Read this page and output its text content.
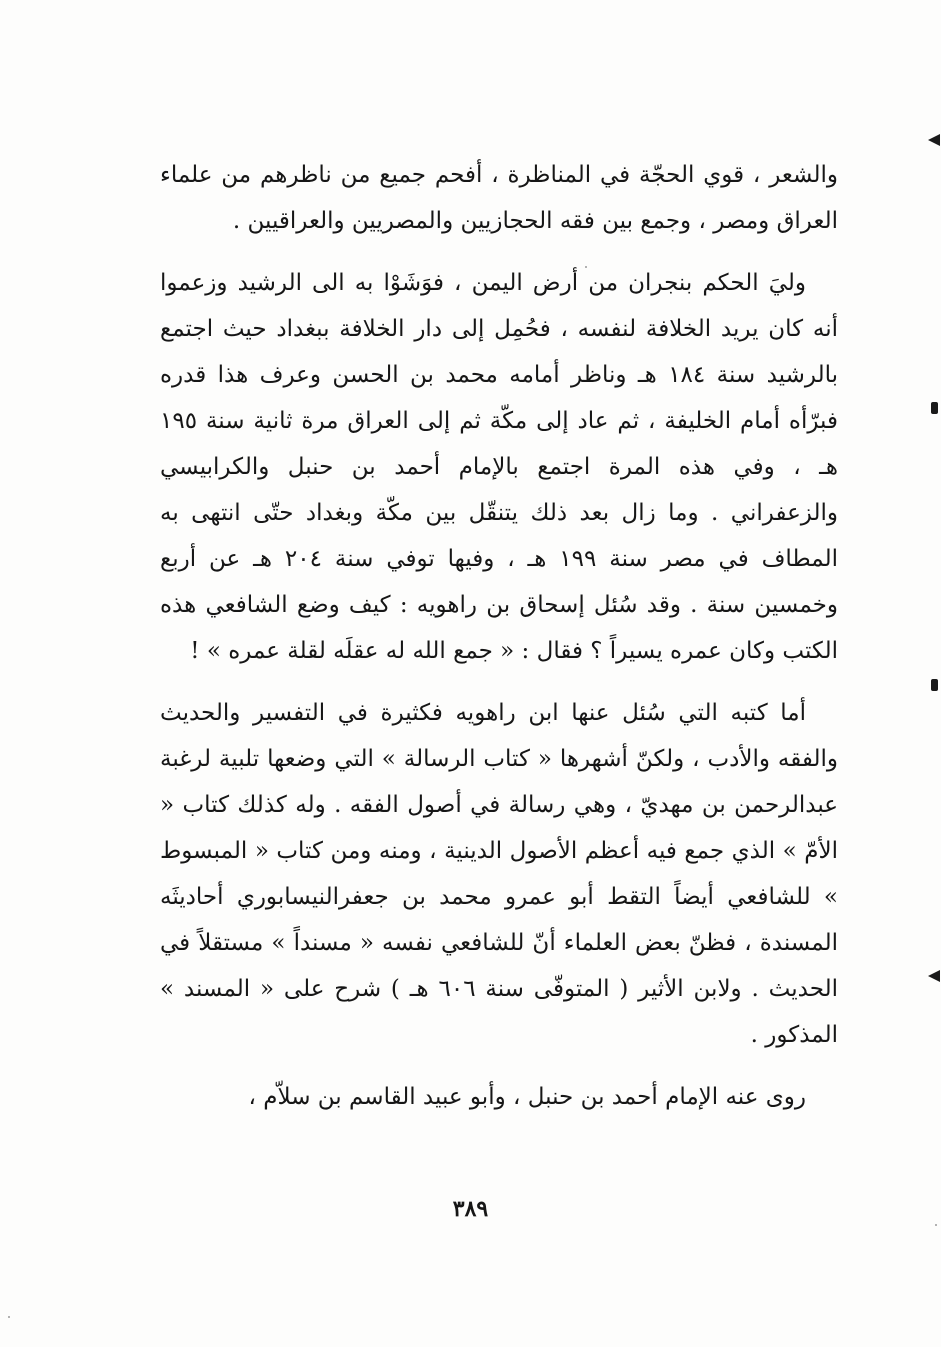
والشعر ، قوي الحجّة في المناظرة ، أفحم جميع من ناظرهم من علماء العراق ومصر ، وجمع بين فقه الحجازيين والمصريين والعراقيين .

وليَ الحكم بنجران من أرض اليمن ، فوَشَوْا به الى الرشيد وزعموا أنه كان يريد الخلافة لنفسه ، فحُمِل إلى دار الخلافة ببغداد حيث اجتمع بالرشيد سنة ١٨٤ هـ وناظر أمامه محمد بن الحسن وعرف هذا قدره فبرّأه أمام الخليفة ، ثم عاد إلى مكّة ثم إلى العراق مرة ثانية سنة ١٩٥ هـ ، وفي هذه المرة اجتمع بالإمام أحمد بن حنبل والكرابيسي والزعفراني . وما زال بعد ذلك يتنقّل بين مكّة وبغداد حتّى انتهى به المطاف في مصر سنة ١٩٩ هـ ، وفيها توفي سنة ٢٠٤ هـ عن أربع وخمسين سنة . وقد سُئل إسحاق بن راهويه : كيف وضع الشافعي هذه الكتب وكان عمره يسيراً ؟ فقال : « جمع الله له عقلَه لقلة عمره » !

أما كتبه التي سُئل عنها ابن راهويه فكثيرة في التفسير والحديث والفقه والأدب ، ولكنّ أشهرها « كتاب الرسالة » التي وضعها تلبية لرغبة عبدالرحمن بن مهديّ ، وهي رسالة في أصول الفقه . وله كذلك كتاب « الأمّ » الذي جمع فيه أعظم الأصول الدينية ، ومنه ومن كتاب « المبسوط » للشافعي أيضاً التقط أبو عمرو محمد بن جعفرالنيسابوري أحاديثَه المسندة ، فظنّ بعض العلماء أنّ للشافعي نفسه « مسنداً » مستقلاً في الحديث . ولابن الأثير ( المتوفّى سنة ٦٠٦ هـ ) شرح على « المسند » المذكور .

روى عنه الإمام أحمد بن حنبل ، وأبو عبيد القاسم بن سلاّم ،

٣٨٩
